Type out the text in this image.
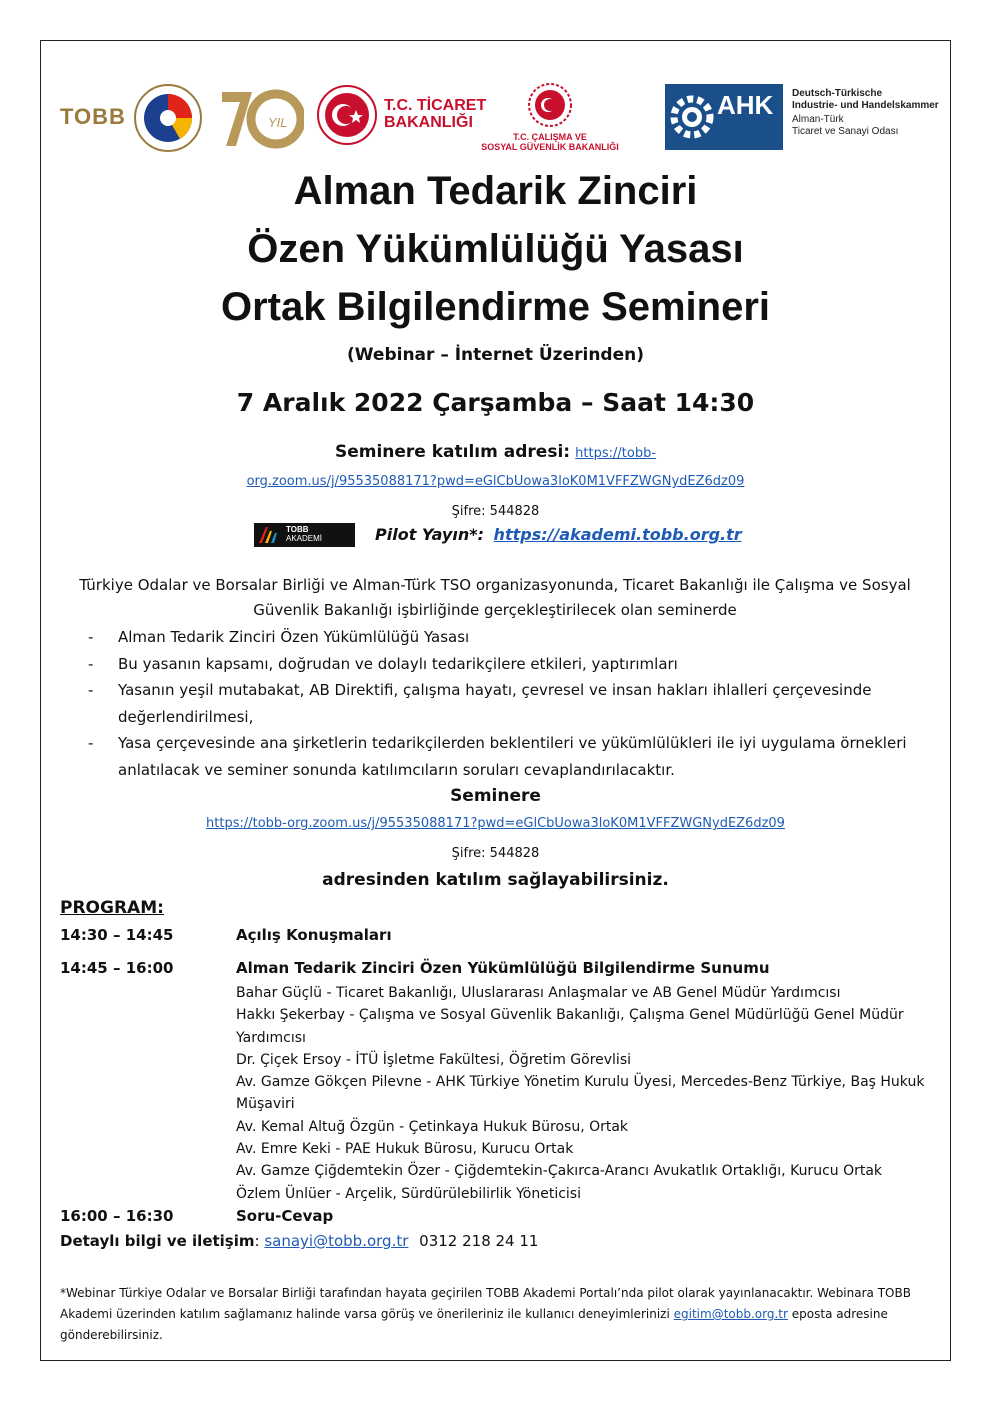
TOBB	YIL
T.C. TİCARET
BAKANLIĞI
T.C. ÇALIŞMA VE
SOSYAL GÜVENLİK BAKANLIĞI
AHK Deutsch-Türkische
Industrie- und Handelskammer
Alman-Türk
Ticaret ve Sanayi Odası
Alman Tedarik Zinciri
Özen Yükümlülüğü Yasası
Ortak Bilgilendirme Semineri
(Webinar – İnternet Üzerinden)
7 Aralık 2022 Çarşamba – Saat 14:30
Seminere katılım adresi: https://tobb-
org.zoom.us/j/95535088171?pwd=eGlCbUowa3loK0M1VFFZWGNydEZ6dz09
Şifre: 544828
TOBB
AKADEMİ	Pilot Yayın*: https://akademi.tobb.org.tr
Türkiye Odalar ve Borsalar Birliği ve Alman-Türk TSO organizasyonunda, Ticaret Bakanlığı ile Çalışma ve Sosyal Güvenlik Bakanlığı işbirliğinde gerçekleştirilecek olan seminerde
- Alman Tedarik Zinciri Özen Yükümlülüğü Yasası
- Bu yasanın kapsamı, doğrudan ve dolaylı tedarikçilere etkileri, yaptırımları
- Yasanın yeşil mutabakat, AB Direktifi, çalışma hayatı, çevresel ve insan hakları ihlalleri çerçevesinde değerlendirilmesi,
- Yasa çerçevesinde ana şirketlerin tedarikçilerden beklentileri ve yükümlülükleri ile iyi uygulama örnekleri anlatılacak ve seminer sonunda katılımcıların soruları cevaplandırılacaktır.
Seminere
https://tobb-org.zoom.us/j/95535088171?pwd=eGlCbUowa3loK0M1VFFZWGNydEZ6dz09
Şifre: 544828
adresinden katılım sağlayabilirsiniz.
PROGRAM:
14:30 – 14:45	Açılış Konuşmaları
14:45 – 16:00	Alman Tedarik Zinciri Özen Yükümlülüğü Bilgilendirme Sunumu
Bahar Güçlü - Ticaret Bakanlığı, Uluslararası Anlaşmalar ve AB Genel Müdür Yardımcısı
Hakkı Şekerbay - Çalışma ve Sosyal Güvenlik Bakanlığı, Çalışma Genel Müdürlüğü Genel Müdür Yardımcısı
Dr. Çiçek Ersoy - İTÜ İşletme Fakültesi, Öğretim Görevlisi
Av. Gamze Gökçen Pilevne - AHK Türkiye Yönetim Kurulu Üyesi, Mercedes-Benz Türkiye, Baş Hukuk Müşaviri
Av. Kemal Altuğ Özgün - Çetinkaya Hukuk Bürosu, Ortak
Av. Emre Keki - PAE Hukuk Bürosu, Kurucu Ortak
Av. Gamze Çiğdemtekin Özer - Çiğdemtekin-Çakırca-Arancı Avukatlık Ortaklığı, Kurucu Ortak
Özlem Ünlüer - Arçelik, Sürdürülebilirlik Yöneticisi
16:00 – 16:30	Soru-Cevap
Detaylı bilgi ve iletişim: sanayi@tobb.org.tr 0312 218 24 11
*Webinar Türkiye Odalar ve Borsalar Birliği tarafından hayata geçirilen TOBB Akademi Portalı’nda pilot olarak yayınlanacaktır. Webinara TOBB Akademi üzerinden katılım sağlamanız halinde varsa görüş ve önerileriniz ile kullanıcı deneyimlerinizi egitim@tobb.org.tr eposta adresine gönderebilirsiniz.
